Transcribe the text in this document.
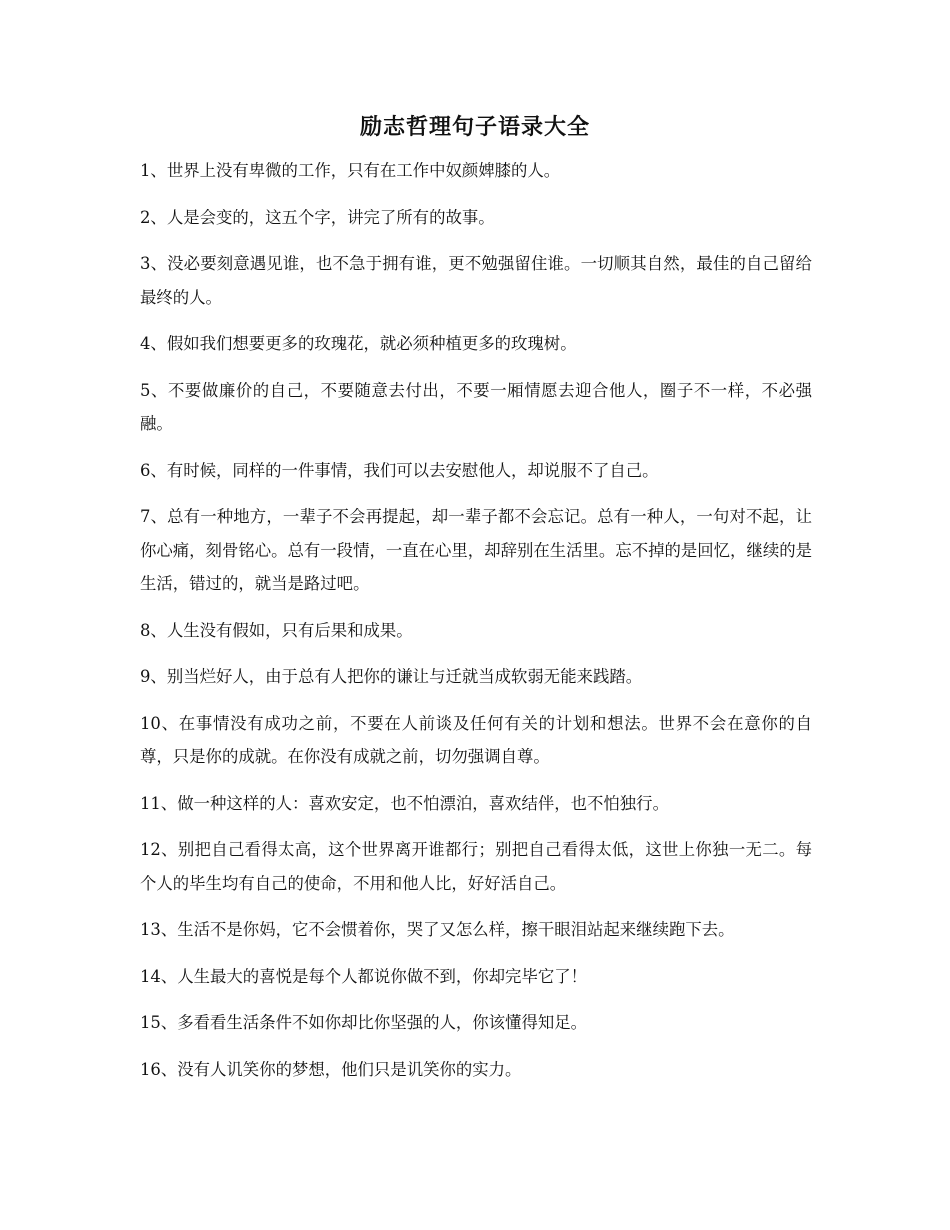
励志哲理句子语录大全

1、世界上没有卑微的工作，只有在工作中奴颜婢膝的人。

2、人是会变的，这五个字，讲完了所有的故事。

3、没必要刻意遇见谁，也不急于拥有谁，更不勉强留住谁。一切顺其自然，最佳的自己留给最终的人。

4、假如我们想要更多的玫瑰花，就必须种植更多的玫瑰树。

5、不要做廉价的自己，不要随意去付出，不要一厢情愿去迎合他人，圈子不一样，不必强融。

6、有时候，同样的一件事情，我们可以去安慰他人，却说服不了自己。

7、总有一种地方，一辈子不会再提起，却一辈子都不会忘记。总有一种人，一句对不起，让你心痛，刻骨铭心。总有一段情，一直在心里，却辞别在生活里。忘不掉的是回忆，继续的是生活，错过的，就当是路过吧。

8、人生没有假如，只有后果和成果。

9、别当烂好人，由于总有人把你的谦让与迁就当成软弱无能来践踏。

10、在事情没有成功之前，不要在人前谈及任何有关的计划和想法。世界不会在意你的自尊，只是你的成就。在你没有成就之前，切勿强调自尊。

11、做一种这样的人：喜欢安定，也不怕漂泊，喜欢结伴，也不怕独行。

12、别把自己看得太高，这个世界离开谁都行；别把自己看得太低，这世上你独一无二。每个人的毕生均有自己的使命，不用和他人比，好好活自己。

13、生活不是你妈，它不会惯着你，哭了又怎么样，擦干眼泪站起来继续跑下去。

14、人生最大的喜悦是每个人都说你做不到，你却完毕它了！

15、多看看生活条件不如你却比你坚强的人，你该懂得知足。

16、没有人讥笑你的梦想，他们只是讥笑你的实力。
